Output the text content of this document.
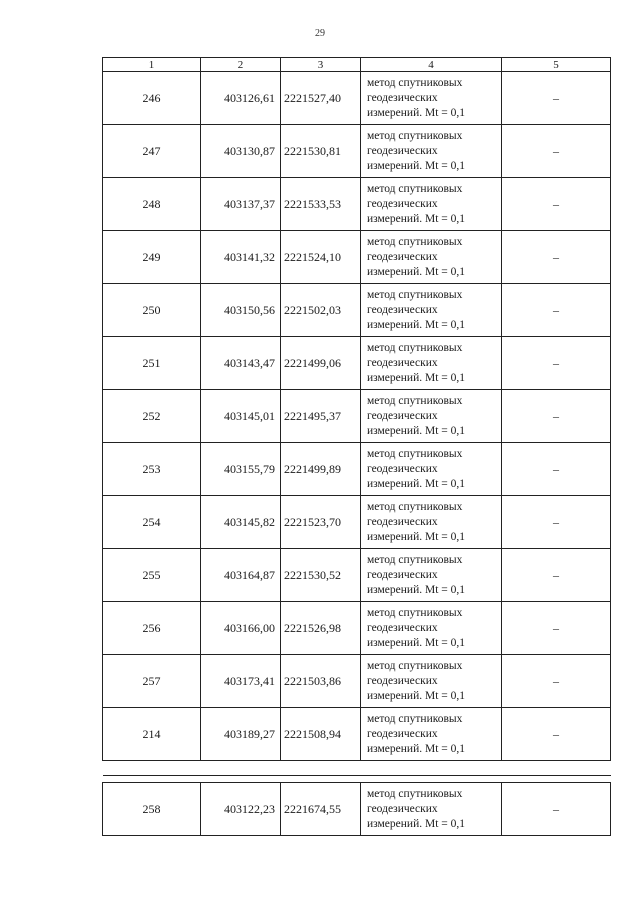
29
1	2	3	4	5
246	403126,61	2221527,40	метод спутниковых
геодезических
измерений. Mt = 0,1	–
247	403130,87	2221530,81	метод спутниковых
геодезических
измерений. Mt = 0,1	–
248	403137,37	2221533,53	метод спутниковых
геодезических
измерений. Mt = 0,1	–
249	403141,32	2221524,10	метод спутниковых
геодезических
измерений. Mt = 0,1	–
250	403150,56	2221502,03	метод спутниковых
геодезических
измерений. Mt = 0,1	–
251	403143,47	2221499,06	метод спутниковых
геодезических
измерений. Mt = 0,1	–
252	403145,01	2221495,37	метод спутниковых
геодезических
измерений. Mt = 0,1	–
253	403155,79	2221499,89	метод спутниковых
геодезических
измерений. Mt = 0,1	–
254	403145,82	2221523,70	метод спутниковых
геодезических
измерений. Mt = 0,1	–
255	403164,87	2221530,52	метод спутниковых
геодезических
измерений. Mt = 0,1	–
256	403166,00	2221526,98	метод спутниковых
геодезических
измерений. Mt = 0,1	–
257	403173,41	2221503,86	метод спутниковых
геодезических
измерений. Mt = 0,1	–
214	403189,27	2221508,94	метод спутниковых
геодезических
измерений. Mt = 0,1	–

258	403122,23	2221674,55	метод спутниковых
геодезических
измерений. Mt = 0,1	–
